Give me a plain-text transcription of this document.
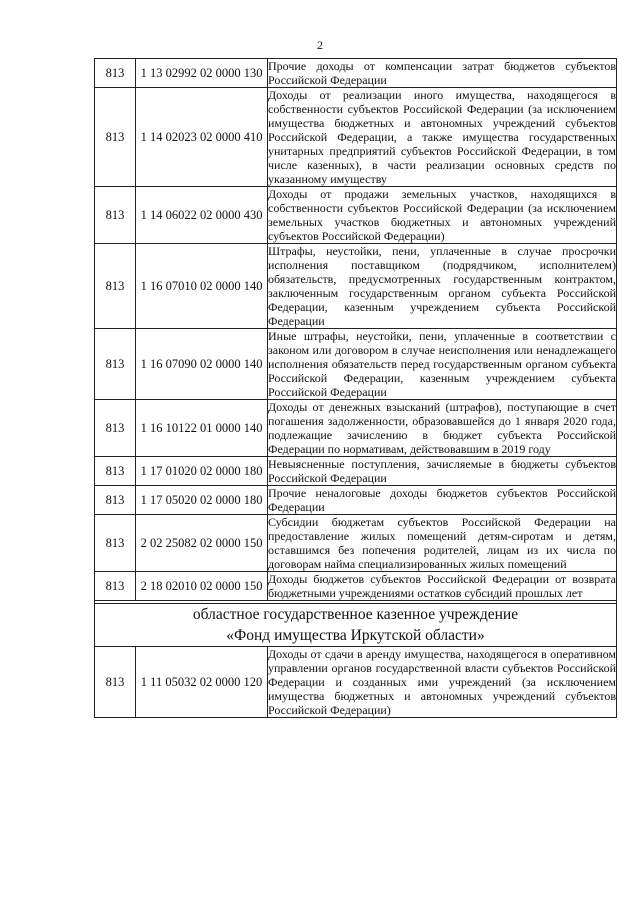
2
813	1 13 02992 02 0000 130	Прочие доходы от компенсации затрат бюджетов субъектов Российской Федерации
813	1 14 02023 02 0000 410	Доходы от реализации иного имущества, находящегося в собственности субъектов Российской Федерации (за исключением имущества бюджетных и автономных учреждений субъектов Российской Федерации, а также имущества государственных унитарных предприятий субъектов Российской Федерации, в том числе казенных), в части реализации основных средств по указанному имуществу
813	1 14 06022 02 0000 430	Доходы от продажи земельных участков, находящихся в собственности субъектов Российской Федерации (за исключением земельных участков бюджетных и автономных учреждений субъектов Российской Федерации)
813	1 16 07010 02 0000 140	Штрафы, неустойки, пени, уплаченные в случае просрочки исполнения поставщиком (подрядчиком, исполнителем) обязательств, предусмотренных государственным контрактом, заключенным государственным органом субъекта Российской Федерации, казенным учреждением субъекта Российской Федерации
813	1 16 07090 02 0000 140	Иные штрафы, неустойки, пени, уплаченные в соответствии с законом или договором в случае неисполнения или ненадлежащего исполнения обязательств перед государственным органом субъекта Российской Федерации, казенным учреждением субъекта Российской Федерации
813	1 16 10122 01 0000 140	Доходы от денежных взысканий (штрафов), поступающие в счет погашения задолженности, образовавшейся до 1 января 2020 года, подлежащие зачислению в бюджет субъекта Российской Федерации по нормативам, действовавшим в 2019 году
813	1 17 01020 02 0000 180	Невыясненные поступления, зачисляемые в бюджеты субъектов Российской Федерации
813	1 17 05020 02 0000 180	Прочие неналоговые доходы бюджетов субъектов Российской Федерации
813	2 02 25082 02 0000 150	Субсидии бюджетам субъектов Российской Федерации на предоставление жилых помещений детям-сиротам и детям, оставшимся без попечения родителей, лицам из их числа по договорам найма специализированных жилых помещений
813	2 18 02010 02 0000 150	Доходы бюджетов субъектов Российской Федерации от возврата бюджетными учреждениями остатков субсидий прошлых лет

областное государственное казенное учреждение
«Фонд имущества Иркутской области»		

813	1 11 05032 02 0000 120	Доходы от сдачи в аренду имущества, находящегося в оперативном управлении органов государственной власти субъектов Российской Федерации и созданных ими учреждений (за исключением имущества бюджетных и автономных учреждений субъектов Российской Федерации)
